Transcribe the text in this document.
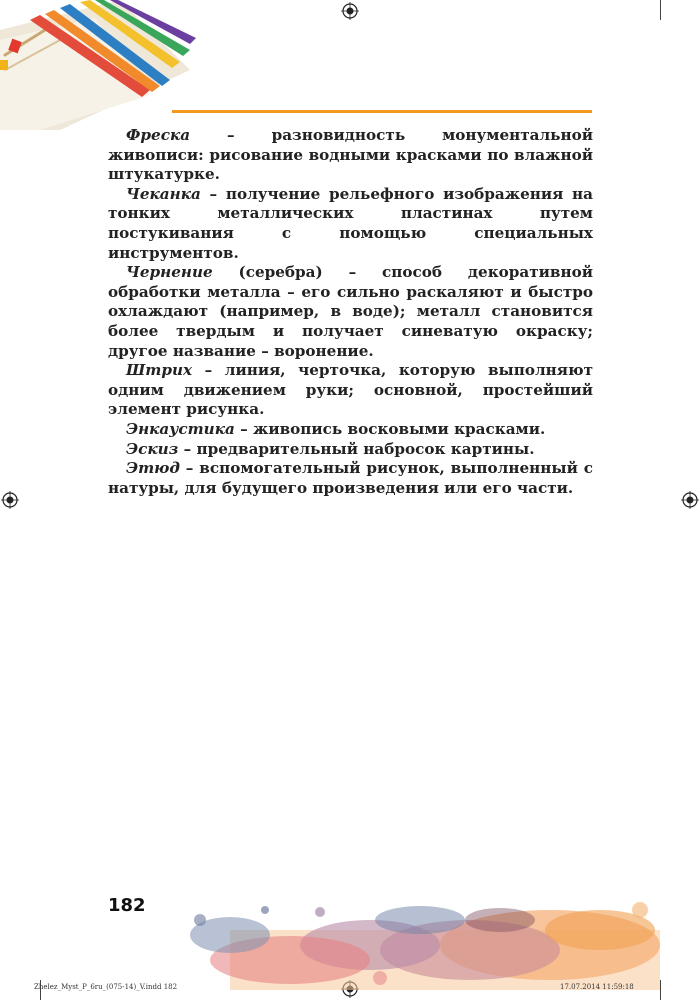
Фреска – разновидность монументальной живописи: рисование водными красками по влажной штукатурке.

Чеканка – получение рельефного изображения на тонких металлических пластинах путем постукивания с помощью специальных инструментов.

Чернение (серебра) – способ декоративной обработки металла – его сильно раскаляют и быстро охлаждают (например, в воде); металл становится более твердым и получает синеватую окраску; другое название – воронение.

Штрих – линия, черточка, которую выполняют одним движением руки; основной, простейший элемент рисунка.

Энкаустика – живопись восковыми красками.

Эскиз – предварительный набросок картины.

Этюд – вспомогательный рисунок, выполненный с натуры, для будущего произведения или его части.

182
Zhelez_Myst_P_6ru_(075-14)_V.indd 182	17.07.2014 11:59:18
